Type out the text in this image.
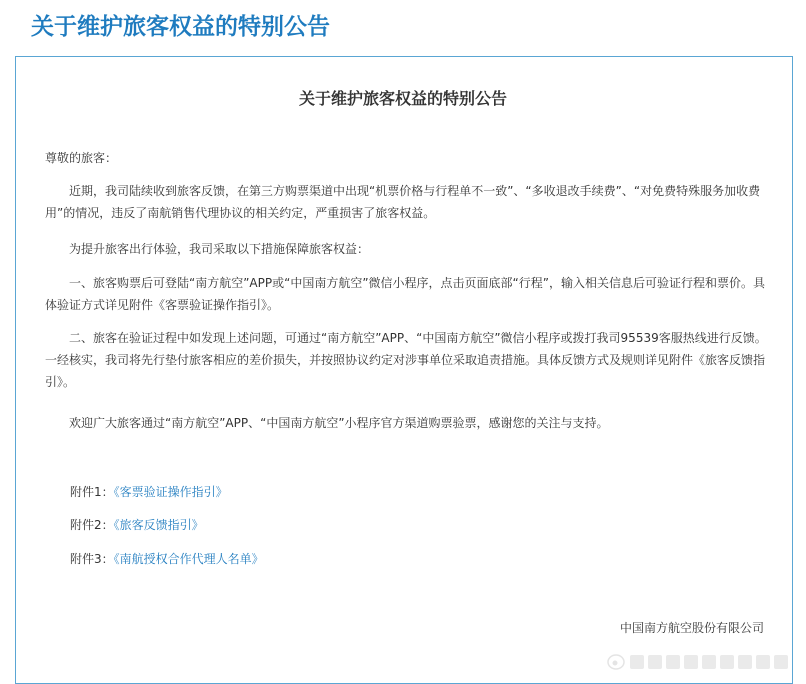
关于维护旅客权益的特别公告
关于维护旅客权益的特别公告

尊敬的旅客：

近期，我司陆续收到旅客反馈，在第三方购票渠道中出现“机票价格与行程单不一致”、“多收退改手续费”、“对免费特殊服务加收费用”的情况，违反了南航销售代理协议的相关约定，严重损害了旅客权益。

为提升旅客出行体验，我司采取以下措施保障旅客权益：

一、旅客购票后可登陆“南方航空”APP或“中国南方航空”微信小程序，点击页面底部“行程”，输入相关信息后可验证行程和票价。具体验证方式详见附件《客票验证操作指引》。

二、旅客在验证过程中如发现上述问题，可通过“南方航空”APP、“中国南方航空”微信小程序或拨打我司95539客服热线进行反馈。一经核实，我司将先行垫付旅客相应的差价损失，并按照协议约定对涉事单位采取追责措施。具体反馈方式及规则详见附件《旅客反馈指引》。

欢迎广大旅客通过“南方航空”APP、“中国南方航空”小程序官方渠道购票验票，感谢您的关注与支持。

附件1：《客票验证操作指引》
附件2：《旅客反馈指引》
附件3：《南航授权合作代理人名单》
中国南方航空股份有限公司
